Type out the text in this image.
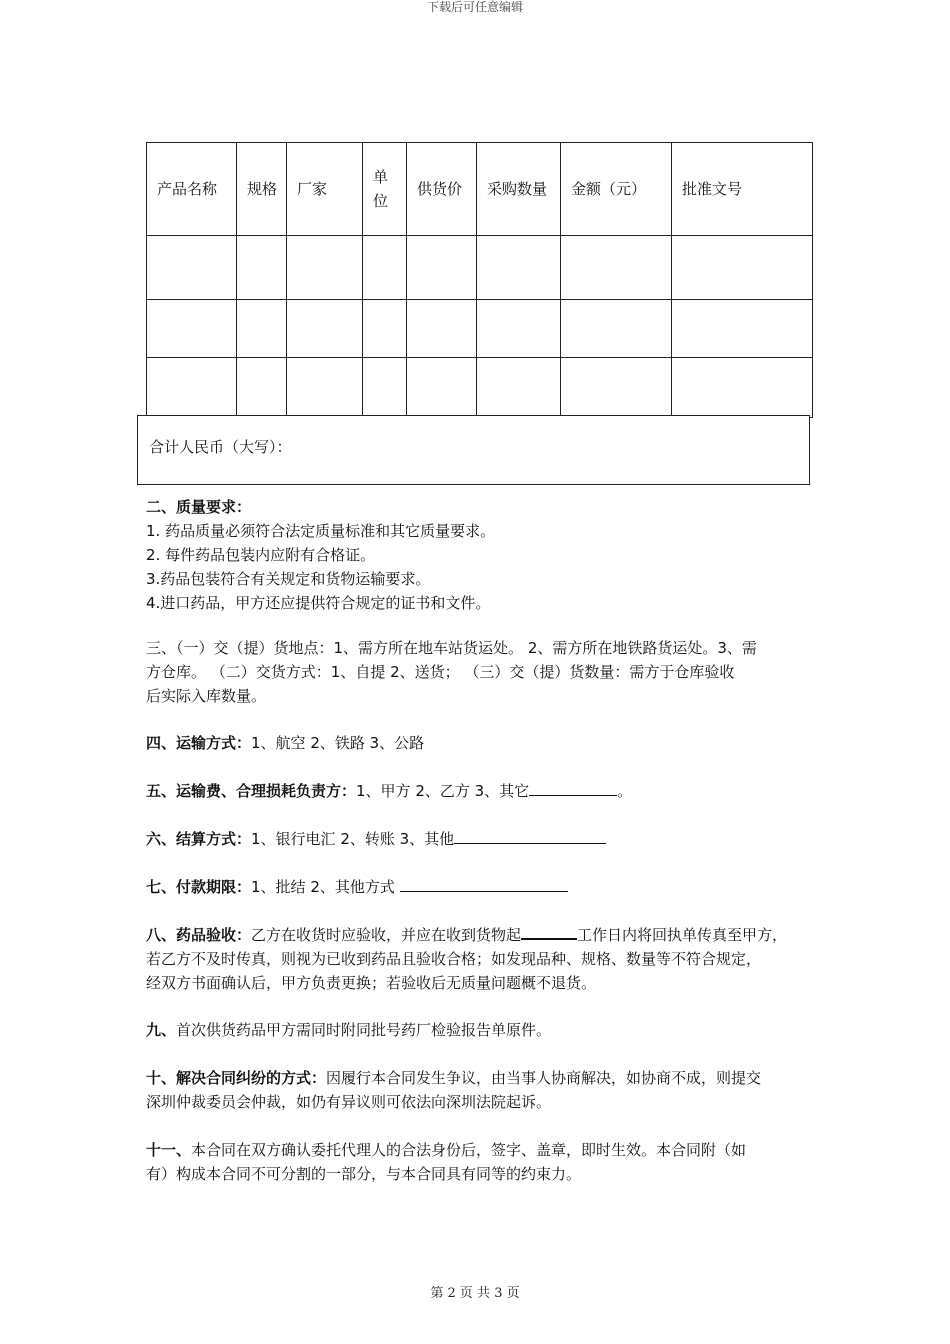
下载后可任意编辑
产品名称	规格	厂家	单位	供货价	采购数量	金额（元）	批准文号

合计人民币（大写）：
二、质量要求：
1. 药品质量必须符合法定质量标准和其它质量要求。
2. 每件药品包装内应附有合格证。
3.药品包装符合有关规定和货物运输要求。
4.进口药品，甲方还应提供符合规定的证书和文件。
三、（一）交（提）货地点：1、需方所在地车站货运处。 2、需方所在地铁路货运处。3、需
方仓库。 （二）交货方式：1、自提 2、送货； （三）交（提）货数量：需方于仓库验收
后实际入库数量。
四、运输方式：1、航空 2、铁路 3、公路
五、运输费、合理损耗负责方：1、甲方 2、乙方 3、其它	。
六、结算方式：1、银行电汇 2、转账 3、其他
七、付款期限：1、批结 2、其他方式
八、药品验收：乙方在收货时应验收，并应在收到货物起	工作日内将回执单传真至甲方，
若乙方不及时传真，则视为已收到药品且验收合格；如发现品种、规格、数量等不符合规定，
经双方书面确认后，甲方负责更换；若验收后无质量问题概不退货。
九、首次供货药品甲方需同时附同批号药厂检验报告单原件。
十、解决合同纠纷的方式：因履行本合同发生争议，由当事人协商解决，如协商不成，则提交
深圳仲裁委员会仲裁，如仍有异议则可依法向深圳法院起诉。
十一、本合同在双方确认委托代理人的合法身份后，签字、盖章，即时生效。本合同附（如
有）构成本合同不可分割的一部分，与本合同具有同等的约束力。
第 2 页 共 3 页
